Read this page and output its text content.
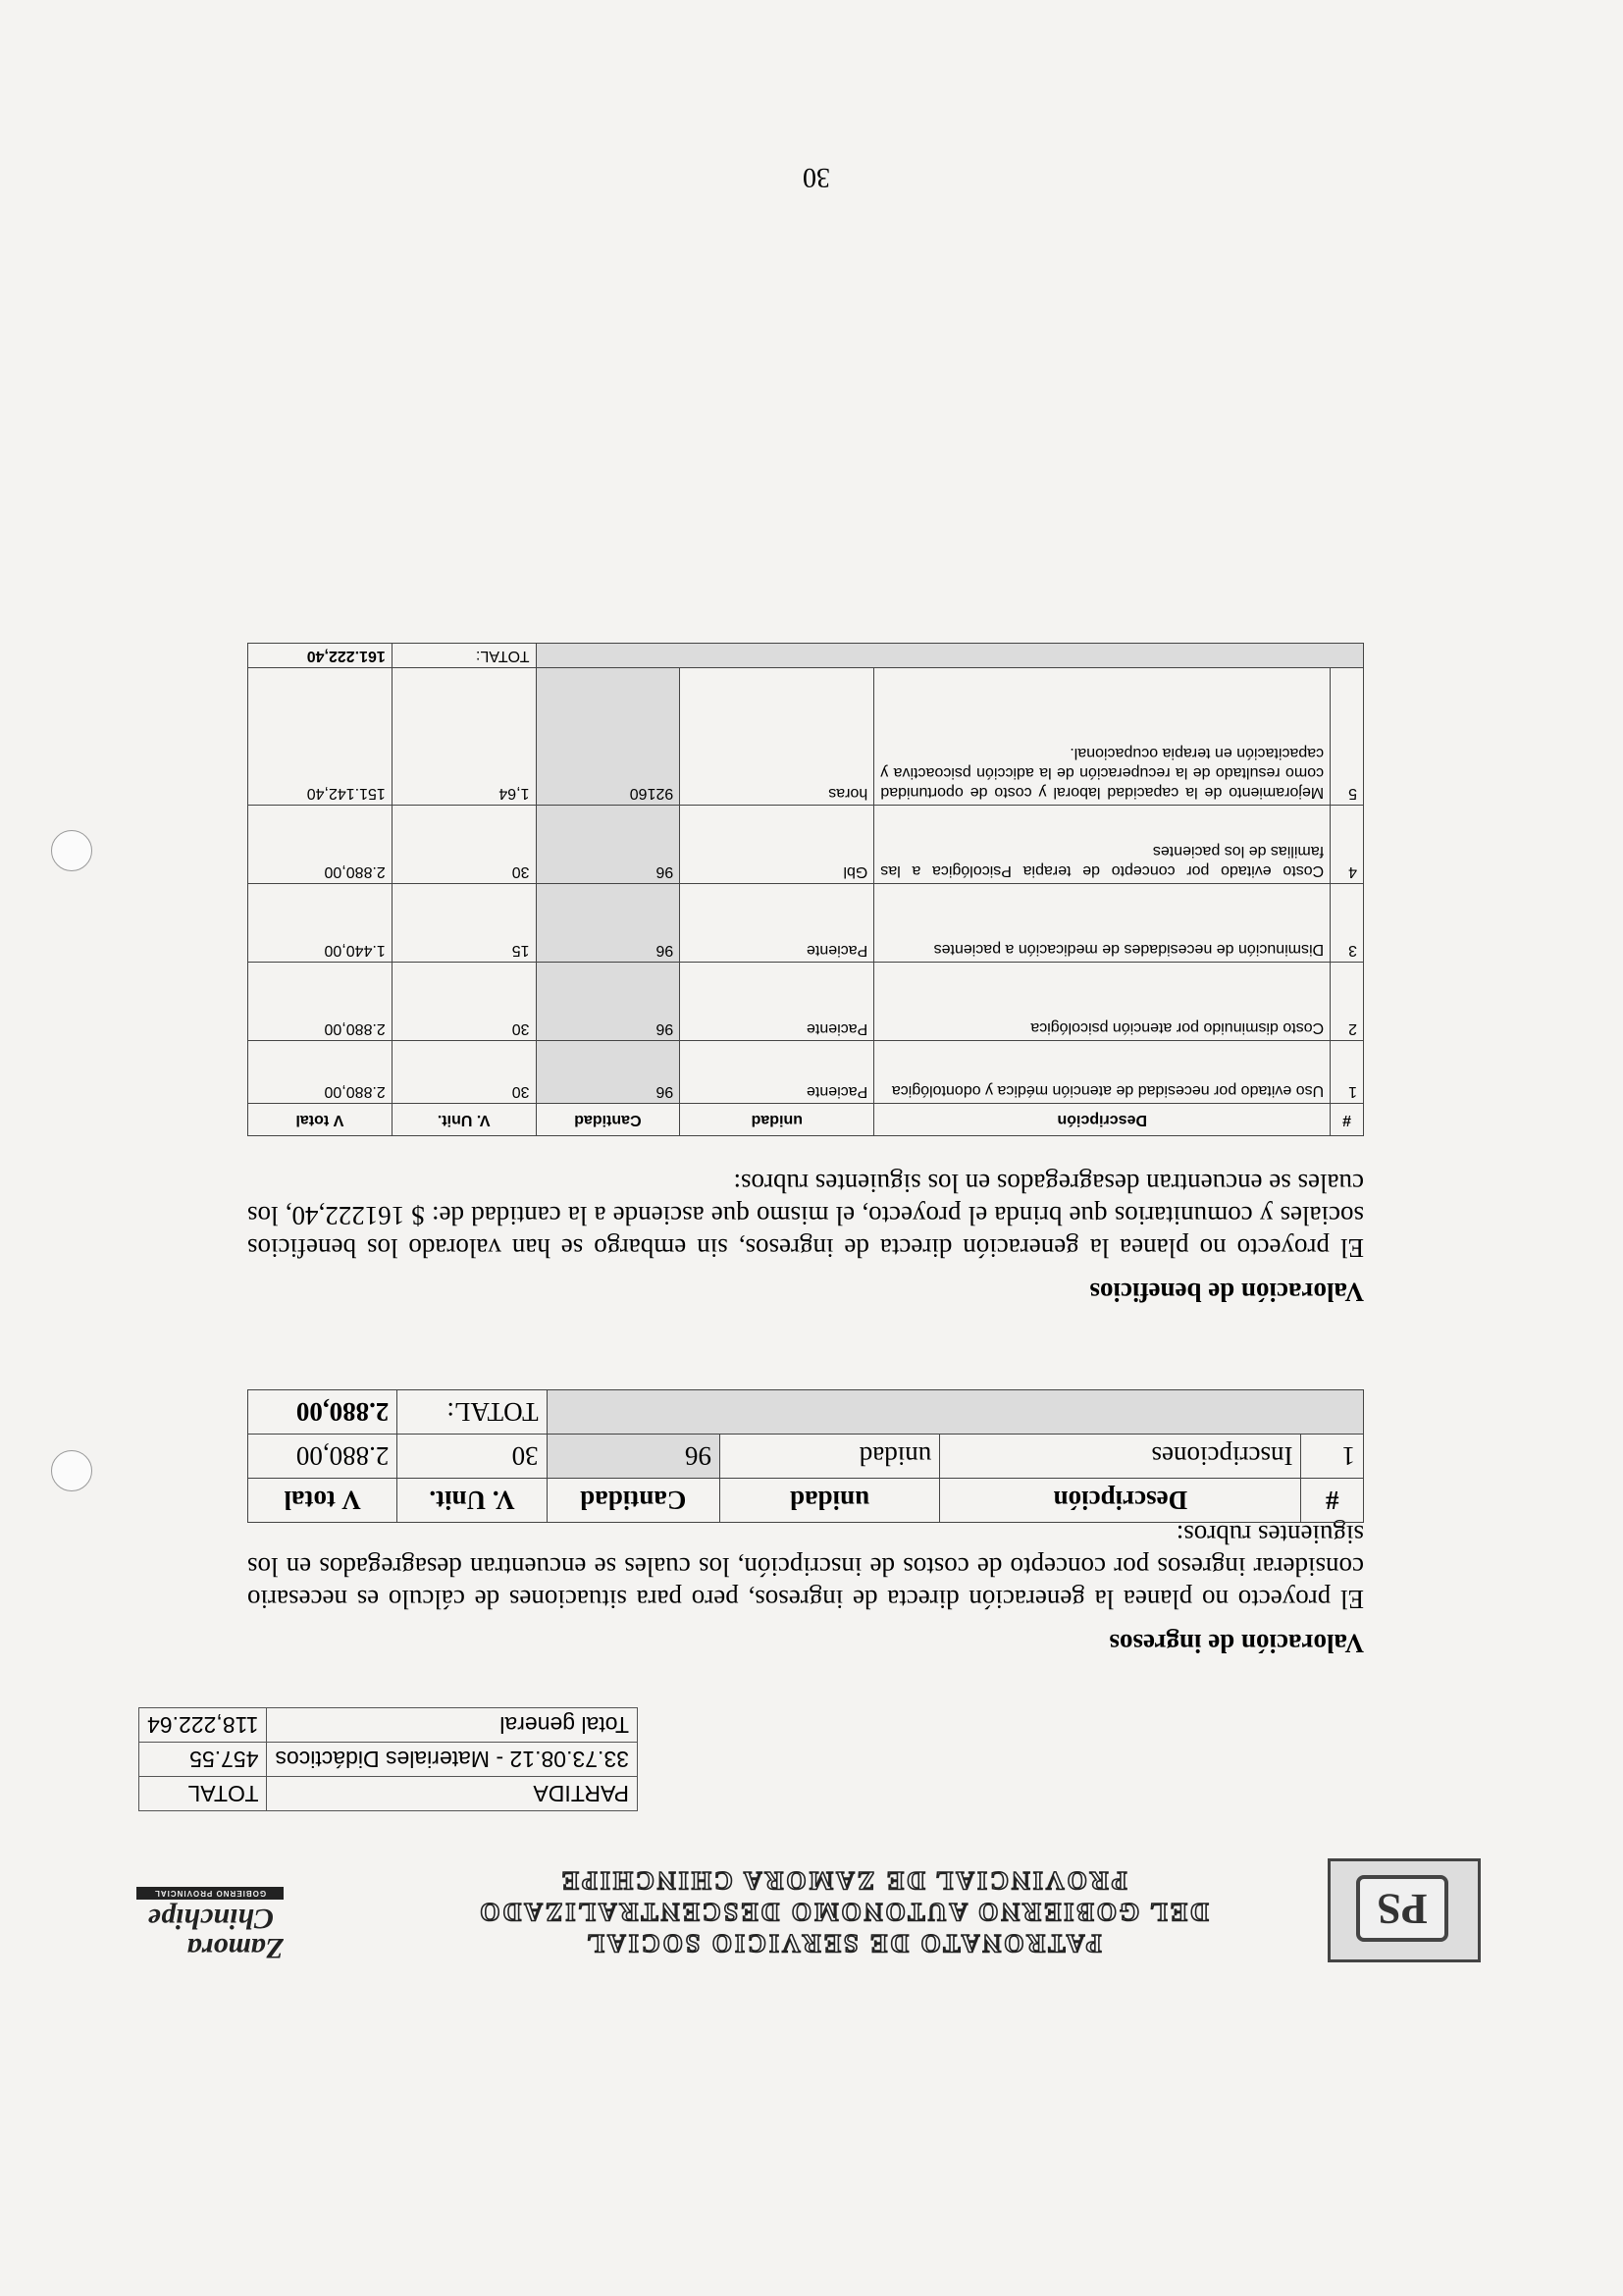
PS
PATRONATO DE SERVICIO SOCIAL
DEL GOBIERNO AUTONOMO DESCENTRALIZADO
PROVINCIAL DE ZAMORA CHINCHIPE
Zamora
Chinchipe
GOBIERNO PROVINCIAL
PARTIDA	TOTAL
33.73.08.12 - Materiales Didácticos	457.55
Total general	118,222.64
Valoración de ingresos
El proyecto no planea la generación directa de ingresos, pero para situaciones de cálculo es necesario considerar ingresos por concepto de costos de inscripción, los cuales se encuentran desagregados en los siguientes rubros:
#	Descripción	unidad	Cantidad	V. Unit.	V total
1	Inscripciones	unidad	96	30	2.880,00
				TOTAL:	2.880,00
Valoración de beneficios
El proyecto no planea la generación directa de ingresos, sin embargo se han valorado los beneficios sociales y comunitarios que brinda el proyecto, el mismo que asciende a la cantidad de: $ 161222,40, los cuales se encuentran desagregados en los siguientes rubros:
#	Descripción	unidad	Cantidad	V. Unit.	V total
1	Uso evitado por necesidad de atención médica y odontológica	Paciente	96	30	2.880,00
2	Costo disminuido por atención psicológica	Paciente	96	30	2.880,00
3	Disminución de necesidades de medicación a pacientes	Paciente	96	15	1.440,00
4	Costo evitado por concepto de terapia Psicológica a las familias de los pacientes	Gbl	96	30	2.880,00
5	Mejoramiento de la capacidad laboral y costo de oportunidad como resultado de la recuperación de la adicción psicoactiva y capacitación en terapia ocupacional.	horas	92160	1,64	151.142,40
				TOTAL:	161.222,40
30
